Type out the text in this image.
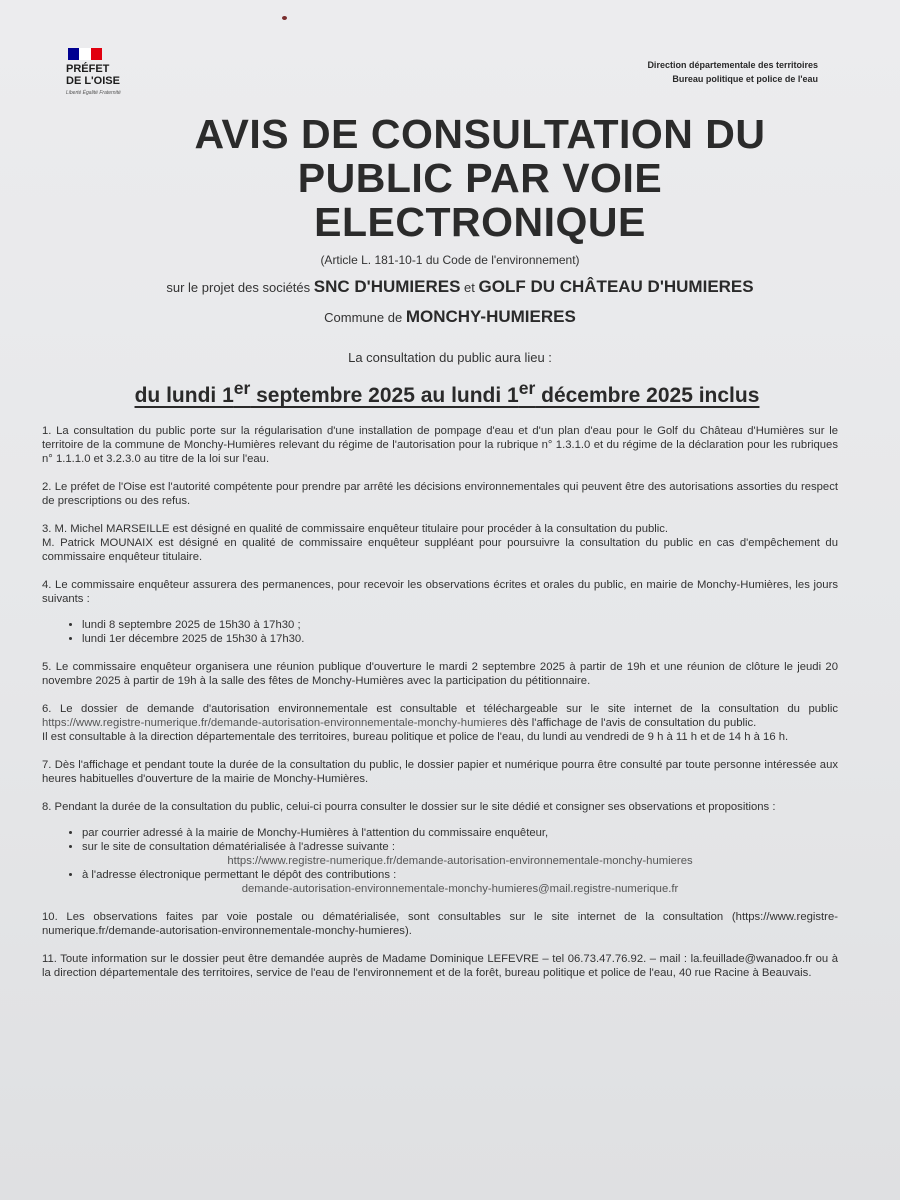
PRÉFET
DE L'OISE
Liberté Égalité Fraternité
Direction départementale des territoires
Bureau politique et police de l'eau
AVIS DE CONSULTATION DU
PUBLIC PAR VOIE
ELECTRONIQUE
(Article L. 181-10-1 du Code de l'environnement)
sur le projet des sociétés SNC D'HUMIERES et GOLF DU CHÂTEAU D'HUMIERES
Commune de MONCHY-HUMIERES
La consultation du public aura lieu :
du lundi 1er septembre 2025 au lundi 1er décembre 2025 inclus

1. La consultation du public porte sur la régularisation d'une installation de pompage d'eau et d'un plan d'eau pour le Golf du Château d'Humières sur le territoire de la commune de Monchy-Humières relevant du régime de l'autorisation pour la rubrique n° 1.3.1.0 et du régime de la déclaration pour les rubriques n° 1.1.1.0 et 3.2.3.0 au titre de la loi sur l'eau.

2. Le préfet de l'Oise est l'autorité compétente pour prendre par arrêté les décisions environnementales qui peuvent être des autorisations assorties du respect de prescriptions ou des refus.

3. M. Michel MARSEILLE est désigné en qualité de commissaire enquêteur titulaire pour procéder à la consultation du public.

M. Patrick MOUNAIX est désigné en qualité de commissaire enquêteur suppléant pour poursuivre la consultation du public en cas d'empêchement du commissaire enquêteur titulaire.

4. Le commissaire enquêteur assurera des permanences, pour recevoir les observations écrites et orales du public, en mairie de Monchy-Humières, les jours suivants :

• lundi 8 septembre 2025 de 15h30 à 17h30 ;
• lundi 1er décembre 2025 de 15h30 à 17h30.

5. Le commissaire enquêteur organisera une réunion publique d'ouverture le mardi 2 septembre 2025 à partir de 19h et une réunion de clôture le jeudi 20 novembre 2025 à partir de 19h à la salle des fêtes de Monchy-Humières avec la participation du pétitionnaire.

6. Le dossier de demande d'autorisation environnementale est consultable et téléchargeable sur le site internet de la consultation du public https://www.registre-numerique.fr/demande-autorisation-environnementale-monchy-humieres dès l'affichage de l'avis de consultation du public.

Il est consultable à la direction départementale des territoires, bureau politique et police de l'eau, du lundi au vendredi de 9 h à 11 h et de 14 h à 16 h.

7. Dès l'affichage et pendant toute la durée de la consultation du public, le dossier papier et numérique pourra être consulté par toute personne intéressée aux heures habituelles d'ouverture de la mairie de Monchy-Humières.

8. Pendant la durée de la consultation du public, celui-ci pourra consulter le dossier sur le site dédié et consigner ses observations et propositions :

• par courrier adressé à la mairie de Monchy-Humières à l'attention du commissaire enquêteur,
• sur le site de consultation dématérialisée à l'adresse suivante :
https://www.registre-numerique.fr/demande-autorisation-environnementale-monchy-humieres
• à l'adresse électronique permettant le dépôt des contributions :
demande-autorisation-environnementale-monchy-humieres@mail.registre-numerique.fr

10. Les observations faites par voie postale ou dématérialisée, sont consultables sur le site internet de la consultation (https://www.registre-numerique.fr/demande-autorisation-environnementale-monchy-humieres).

11. Toute information sur le dossier peut être demandée auprès de Madame Dominique LEFEVRE – tel 06.73.47.76.92. – mail : la.feuillade@wanadoo.fr ou à la direction départementale des territoires, service de l'eau de l'environnement et de la forêt, bureau politique et police de l'eau, 40 rue Racine à Beauvais.
